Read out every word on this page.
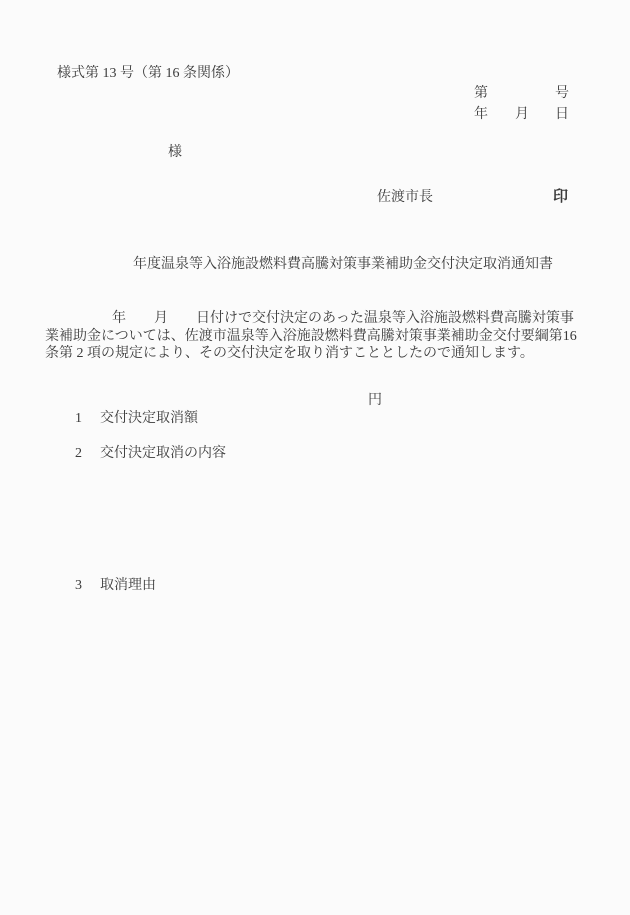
様式第 13 号（第 16 条関係）
第	号
年 月 日
様
佐渡市長	印
年度温泉等入浴施設燃料費高騰対策事業補助金交付決定取消通知書
年　　月　　日付けで交付決定のあった温泉等入浴施設燃料費高騰対策事
業補助金については、佐渡市温泉等入浴施設燃料費高騰対策事業補助金交付要綱第16
条第 2 項の規定により、その交付決定を取り消すこととしたので通知します。

1 交付決定取消額

円

2 交付決定取消の内容

3 取消理由
